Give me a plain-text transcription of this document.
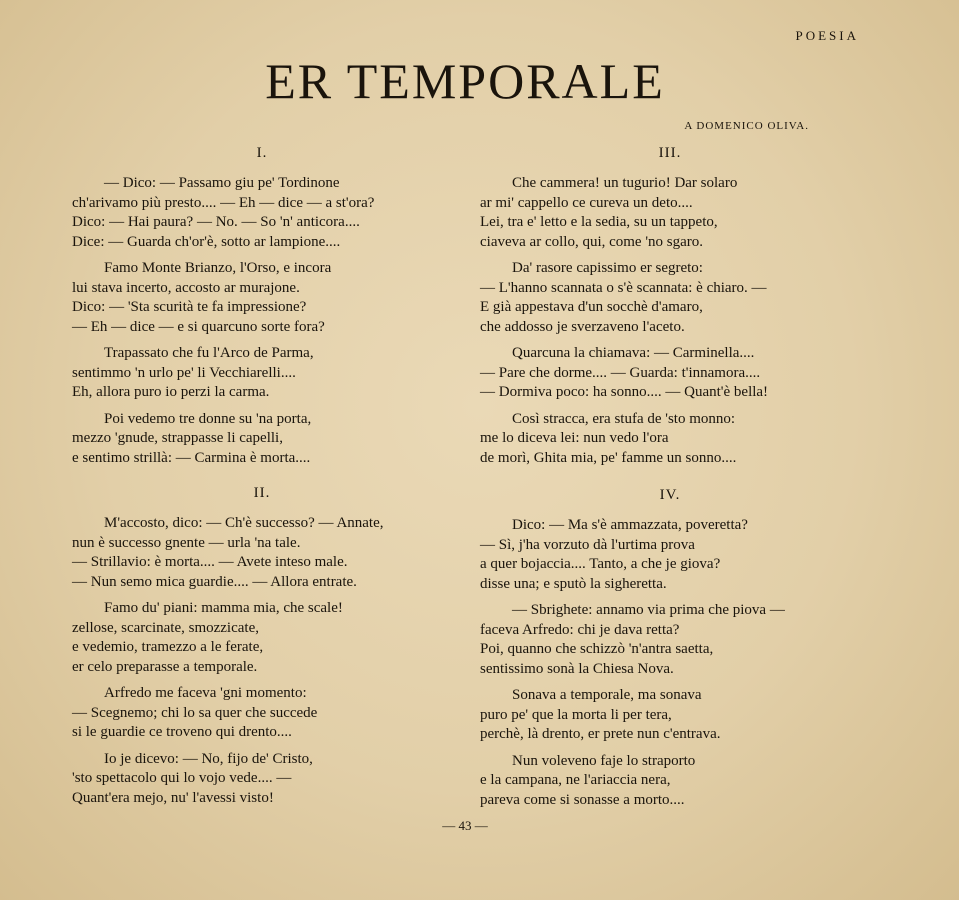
POESIA
ER TEMPORALE
A DOMENICO OLIVA.
I.
— Dico: — Passamo giu pe' Tordinone
ch'arivamo più presto.... — Eh — dice — a st'ora?
Dico: — Hai paura? — No. — So 'n' anticora....
Dice: — Guarda ch'or'è, sotto ar lampione....
Famo Monte Brianzo, l'Orso, e incora
lui stava incerto, accosto ar murajone.
Dico: — 'Sta scurità te fa impressione?
— Eh — dice — e si quarcuno sorte fora?
Trapassato che fu l'Arco de Parma,
sentimmo 'n urlo pe' li Vecchiarelli....
Eh, allora puro io perzi la carma.
Poi vedemo tre donne su 'na porta,
mezzo 'gnude, strappasse li capelli,
e sentimo strillà: — Carmina è morta....
III.
Che cammera! un tugurio! Dar solaro
ar mi' cappello ce cureva un deto....
Lei, tra e' letto e la sedia, su un tappeto,
ciaveva ar collo, qui, come 'no sgaro.
Da' rasore capissimo er segreto:
— L'hanno scannata o s'è scannata: è chiaro. —
E già appestava d'un socchè d'amaro,
che addosso je sverzaveno l'aceto.
Quarcuna la chiamava: — Carminella....
— Pare che dorme.... — Guarda: t'innamora....
— Dormiva poco: ha sonno.... — Quant'è bella!
Così stracca, era stufa de 'sto monno:
me lo diceva lei: nun vedo l'ora
de morì, Ghita mia, pe' famme un sonno....
II.
M'accosto, dico: — Ch'è successo? — Annate,
nun è successo gnente — urla 'na tale.
— Strillavio: è morta.... — Avete inteso male.
— Nun semo mica guardie.... — Allora entrate.
Famo du' piani: mamma mia, che scale!
zellose, scarcinate, smozzicate,
e vedemio, tramezzo a le ferate,
er celo preparasse a temporale.
Arfredo me faceva 'gni momento:
— Scegnemo; chi lo sa quer che succede
si le guardie ce troveno qui drento....
Io je dicevo: — No, fijo de' Cristo,
'sto spettacolo qui lo vojo vede.... —
Quant'era mejo, nu' l'avessi visto!
IV.
Dico: — Ma s'è ammazzata, poveretta?
— Sì, j'ha vorzuto dà l'urtima prova
a quer bojaccia.... Tanto, a che je giova?
disse una; e sputò la sigheretta.
— Sbrighete: annamo via prima che piova —
faceva Arfredo: chi je dava retta?
Poi, quanno che schizzò 'n'antra saetta,
sentissimo sonà la Chiesa Nova.
Sonava a temporale, ma sonava
puro pe' que la morta li per tera,
perchè, là drento, er prete nun c'entrava.
Nun voleveno faje lo straporto
e la campana, ne l'ariaccia nera,
pareva come si sonasse a morto....
— 43 —
